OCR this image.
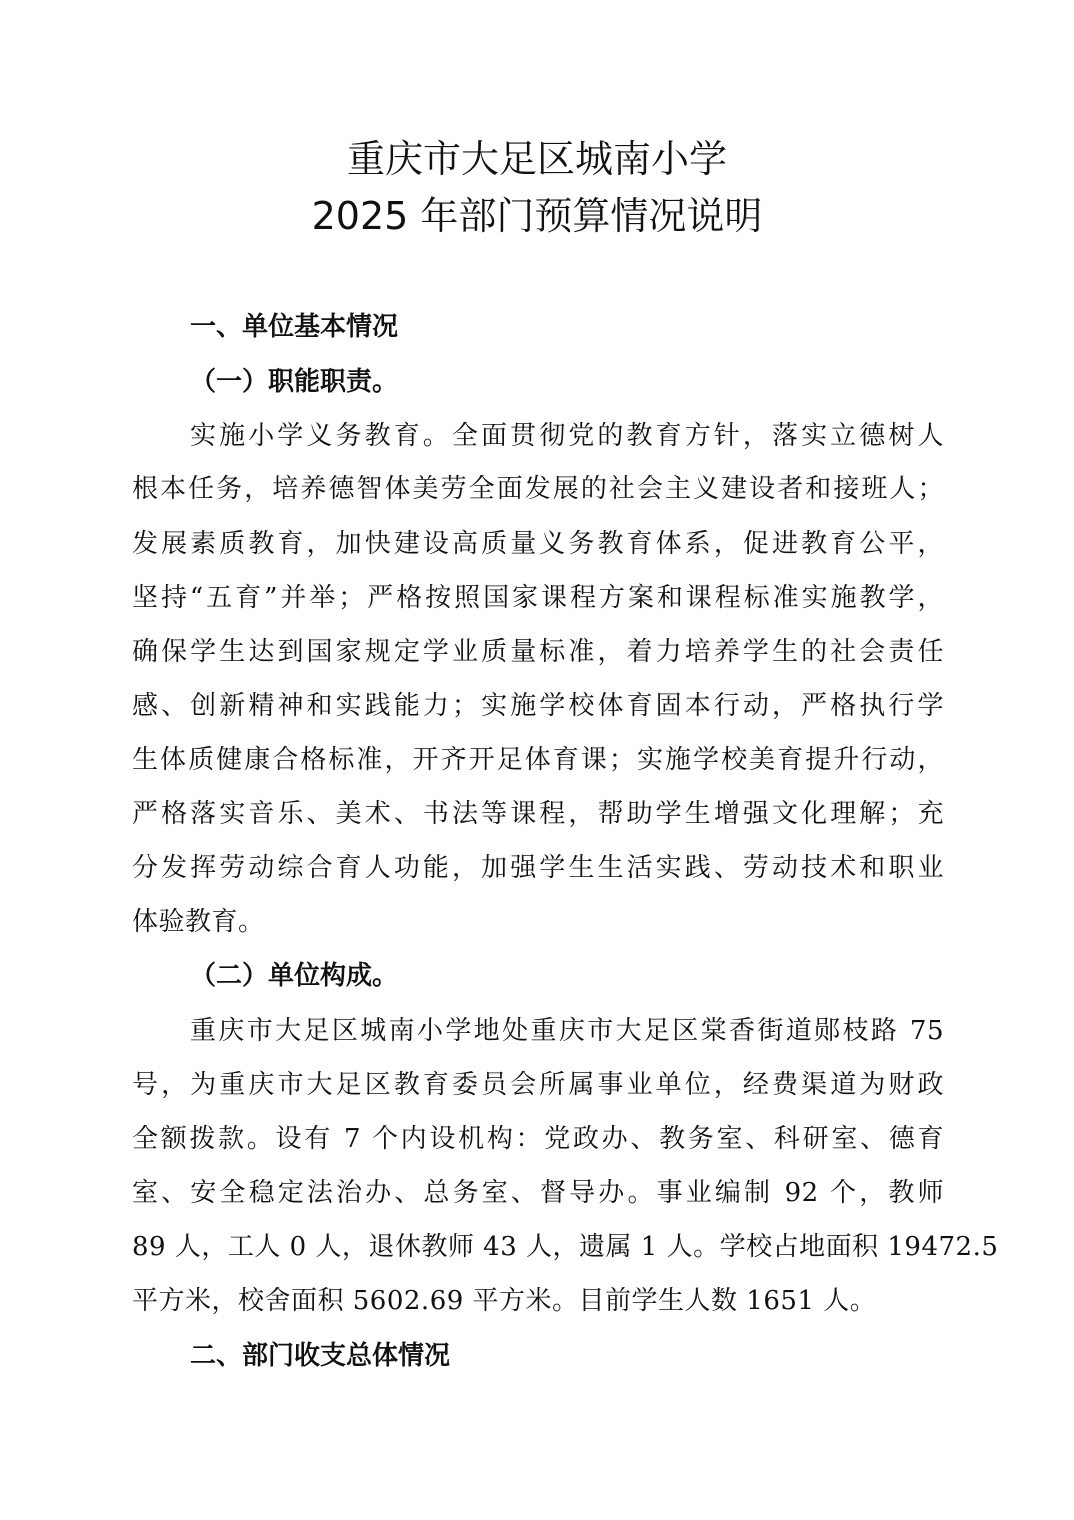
重庆市大足区城南小学
2025 年部门预算情况说明
一、单位基本情况
（一）职能职责。
实施小学义务教育。全面贯彻党的教育方针，落实立德树人
根本任务，培养德智体美劳全面发展的社会主义建设者和接班人；
发展素质教育，加快建设高质量义务教育体系，促进教育公平，
坚持“五育”并举；严格按照国家课程方案和课程标准实施教学，
确保学生达到国家规定学业质量标准，着力培养学生的社会责任
感、创新精神和实践能力；实施学校体育固本行动，严格执行学
生体质健康合格标准，开齐开足体育课；实施学校美育提升行动，
严格落实音乐、美术、书法等课程，帮助学生增强文化理解；充
分发挥劳动综合育人功能，加强学生生活实践、劳动技术和职业
体验教育。
（二）单位构成。
重庆市大足区城南小学地处重庆市大足区棠香街道郧枝路 75
号，为重庆市大足区教育委员会所属事业单位，经费渠道为财政
全额拨款。设有 7 个内设机构：党政办、教务室、科研室、德育
室、安全稳定法治办、总务室、督导办。事业编制 92 个，教师
89 人，工人 0 人，退休教师 43 人，遗属 1 人。学校占地面积 19472.5
平方米，校舍面积 5602.69 平方米。目前学生人数 1651 人。
二、部门收支总体情况
